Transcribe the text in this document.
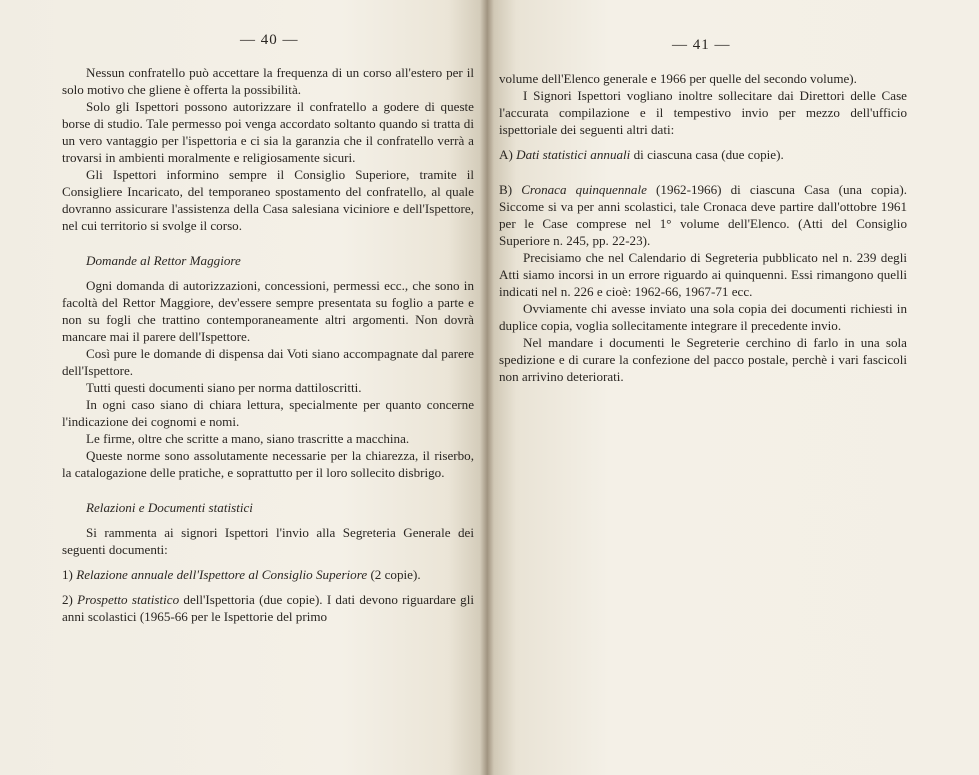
— 40 —

Nessun confratello può accettare la frequenza di un corso all'estero per il solo motivo che gliene è offerta la possibilità.

Solo gli Ispettori possono autorizzare il confratello a godere di queste borse di studio. Tale permesso poi venga accordato soltanto quando si tratta di un vero vantaggio per l'ispettoria e ci sia la garanzia che il confratello verrà a trovarsi in ambienti moralmente e religiosamente sicuri.

Gli Ispettori informino sempre il Consiglio Superiore, tramite il Consigliere Incaricato, del temporaneo spostamento del confratello, al quale dovranno assicurare l'assistenza della Casa salesiana viciniore e dell'Ispettore, nel cui territorio si svolge il corso.

Domande al Rettor Maggiore

Ogni domanda di autorizzazioni, concessioni, permessi ecc., che sono in facoltà del Rettor Maggiore, dev'essere sempre presentata su foglio a parte e non su fogli che trattino contemporaneamente altri argomenti. Non dovrà mancare mai il parere dell'Ispettore.

Così pure le domande di dispensa dai Voti siano accompagnate dal parere dell'Ispettore.

Tutti questi documenti siano per norma dattiloscritti.

In ogni caso siano di chiara lettura, specialmente per quanto concerne l'indicazione dei cognomi e nomi.

Le firme, oltre che scritte a mano, siano trascritte a macchina.

Queste norme sono assolutamente necessarie per la chiarezza, il riserbo, la catalogazione delle pratiche, e soprattutto per il loro sollecito disbrigo.

Relazioni e Documenti statistici

Si rammenta ai signori Ispettori l'invio alla Segreteria Generale dei seguenti documenti:

1) Relazione annuale dell'Ispettore al Consiglio Superiore (2 copie).

2) Prospetto statistico dell'Ispettoria (due copie). I dati devono riguardare gli anni scolastici (1965-66 per le Ispettorie del primo

— 41 —

volume dell'Elenco generale e 1966 per quelle del secondo volume).

I Signori Ispettori vogliano inoltre sollecitare dai Direttori delle Case l'accurata compilazione e il tempestivo invio per mezzo dell'ufficio ispettoriale dei seguenti altri dati:

A) Dati statistici annuali di ciascuna casa (due copie).

B) Cronaca quinquennale (1962-1966) di ciascuna Casa (una copia). Siccome si va per anni scolastici, tale Cronaca deve partire dall'ottobre 1961 per le Case comprese nel 1° volume dell'Elenco. (Atti del Consiglio Superiore n. 245, pp. 22-23).

Precisiamo che nel Calendario di Segreteria pubblicato nel n. 239 degli Atti siamo incorsi in un errore riguardo ai quinquenni. Essi rimangono quelli indicati nel n. 226 e cioè: 1962-66, 1967-71 ecc.

Ovviamente chi avesse inviato una sola copia dei documenti richiesti in duplice copia, voglia sollecitamente integrare il precedente invio.

Nel mandare i documenti le Segreterie cerchino di farlo in una sola spedizione e di curare la confezione del pacco postale, perchè i vari fascicoli non arrivino deteriorati.
